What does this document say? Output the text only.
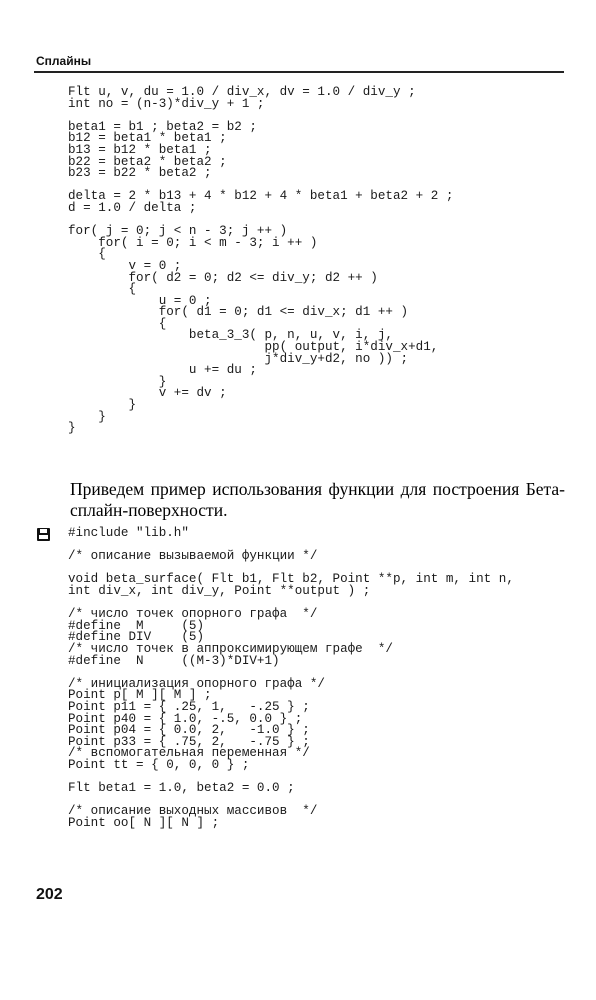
Сплайны
Flt u, v, du = 1.0 / div_x, dv = 1.0 / div_y ;
int no = (n-3)*div_y + 1 ;

beta1 = b1 ; beta2 = b2 ;
b12 = beta1 * beta1 ;
b13 = b12 * beta1 ;
b22 = beta2 * beta2 ;
b23 = b22 * beta2 ;

delta = 2 * b13 + 4 * b12 + 4 * beta1 + beta2 + 2 ;
d = 1.0 / delta ;

for( j = 0; j < n - 3; j ++ )
for( i = 0; i < m - 3; i ++ )
{
v = 0 ;
for( d2 = 0; d2 <= div_y; d2 ++ )
{
u = 0 ;
for( d1 = 0; d1 <= div_x; d1 ++ )
{
beta_3_3( p, n, u, v, i, j,
pp( output, i*div_x+d1,
j*div_y+d2, no )) ;
u += du ;
}
v += dv ;
}
}
}

Приведем пример использования функции для построения Бета-сплайн-поверхности.

#include "lib.h"

/* описание вызываемой функции */

void beta_surface( Flt b1, Flt b2, Point **p, int m, int n,
int div_x, int div_y, Point **output ) ;

/* число точек опорного графа  */
#define  M     (5)
#define DIV    (5)
/* число точек в аппроксимирующем графе  */
#define  N     ((M-3)*DIV+1)

/* инициализация опорного графа */
Point p[ M ][ M ] ;
Point p11 = { .25, 1,   -.25 } ;
Point p40 = { 1.0, -.5, 0.0 } ;
Point p04 = { 0.0, 2,   -1.0 } ;
Point p33 = { .75, 2,   -.75 } ;
/* вспомогательная переменная */
Point tt = { 0, 0, 0 } ;

Flt beta1 = 1.0, beta2 = 0.0 ;

/* описание выходных массивов  */
Point oo[ N ][ N ] ;
202
